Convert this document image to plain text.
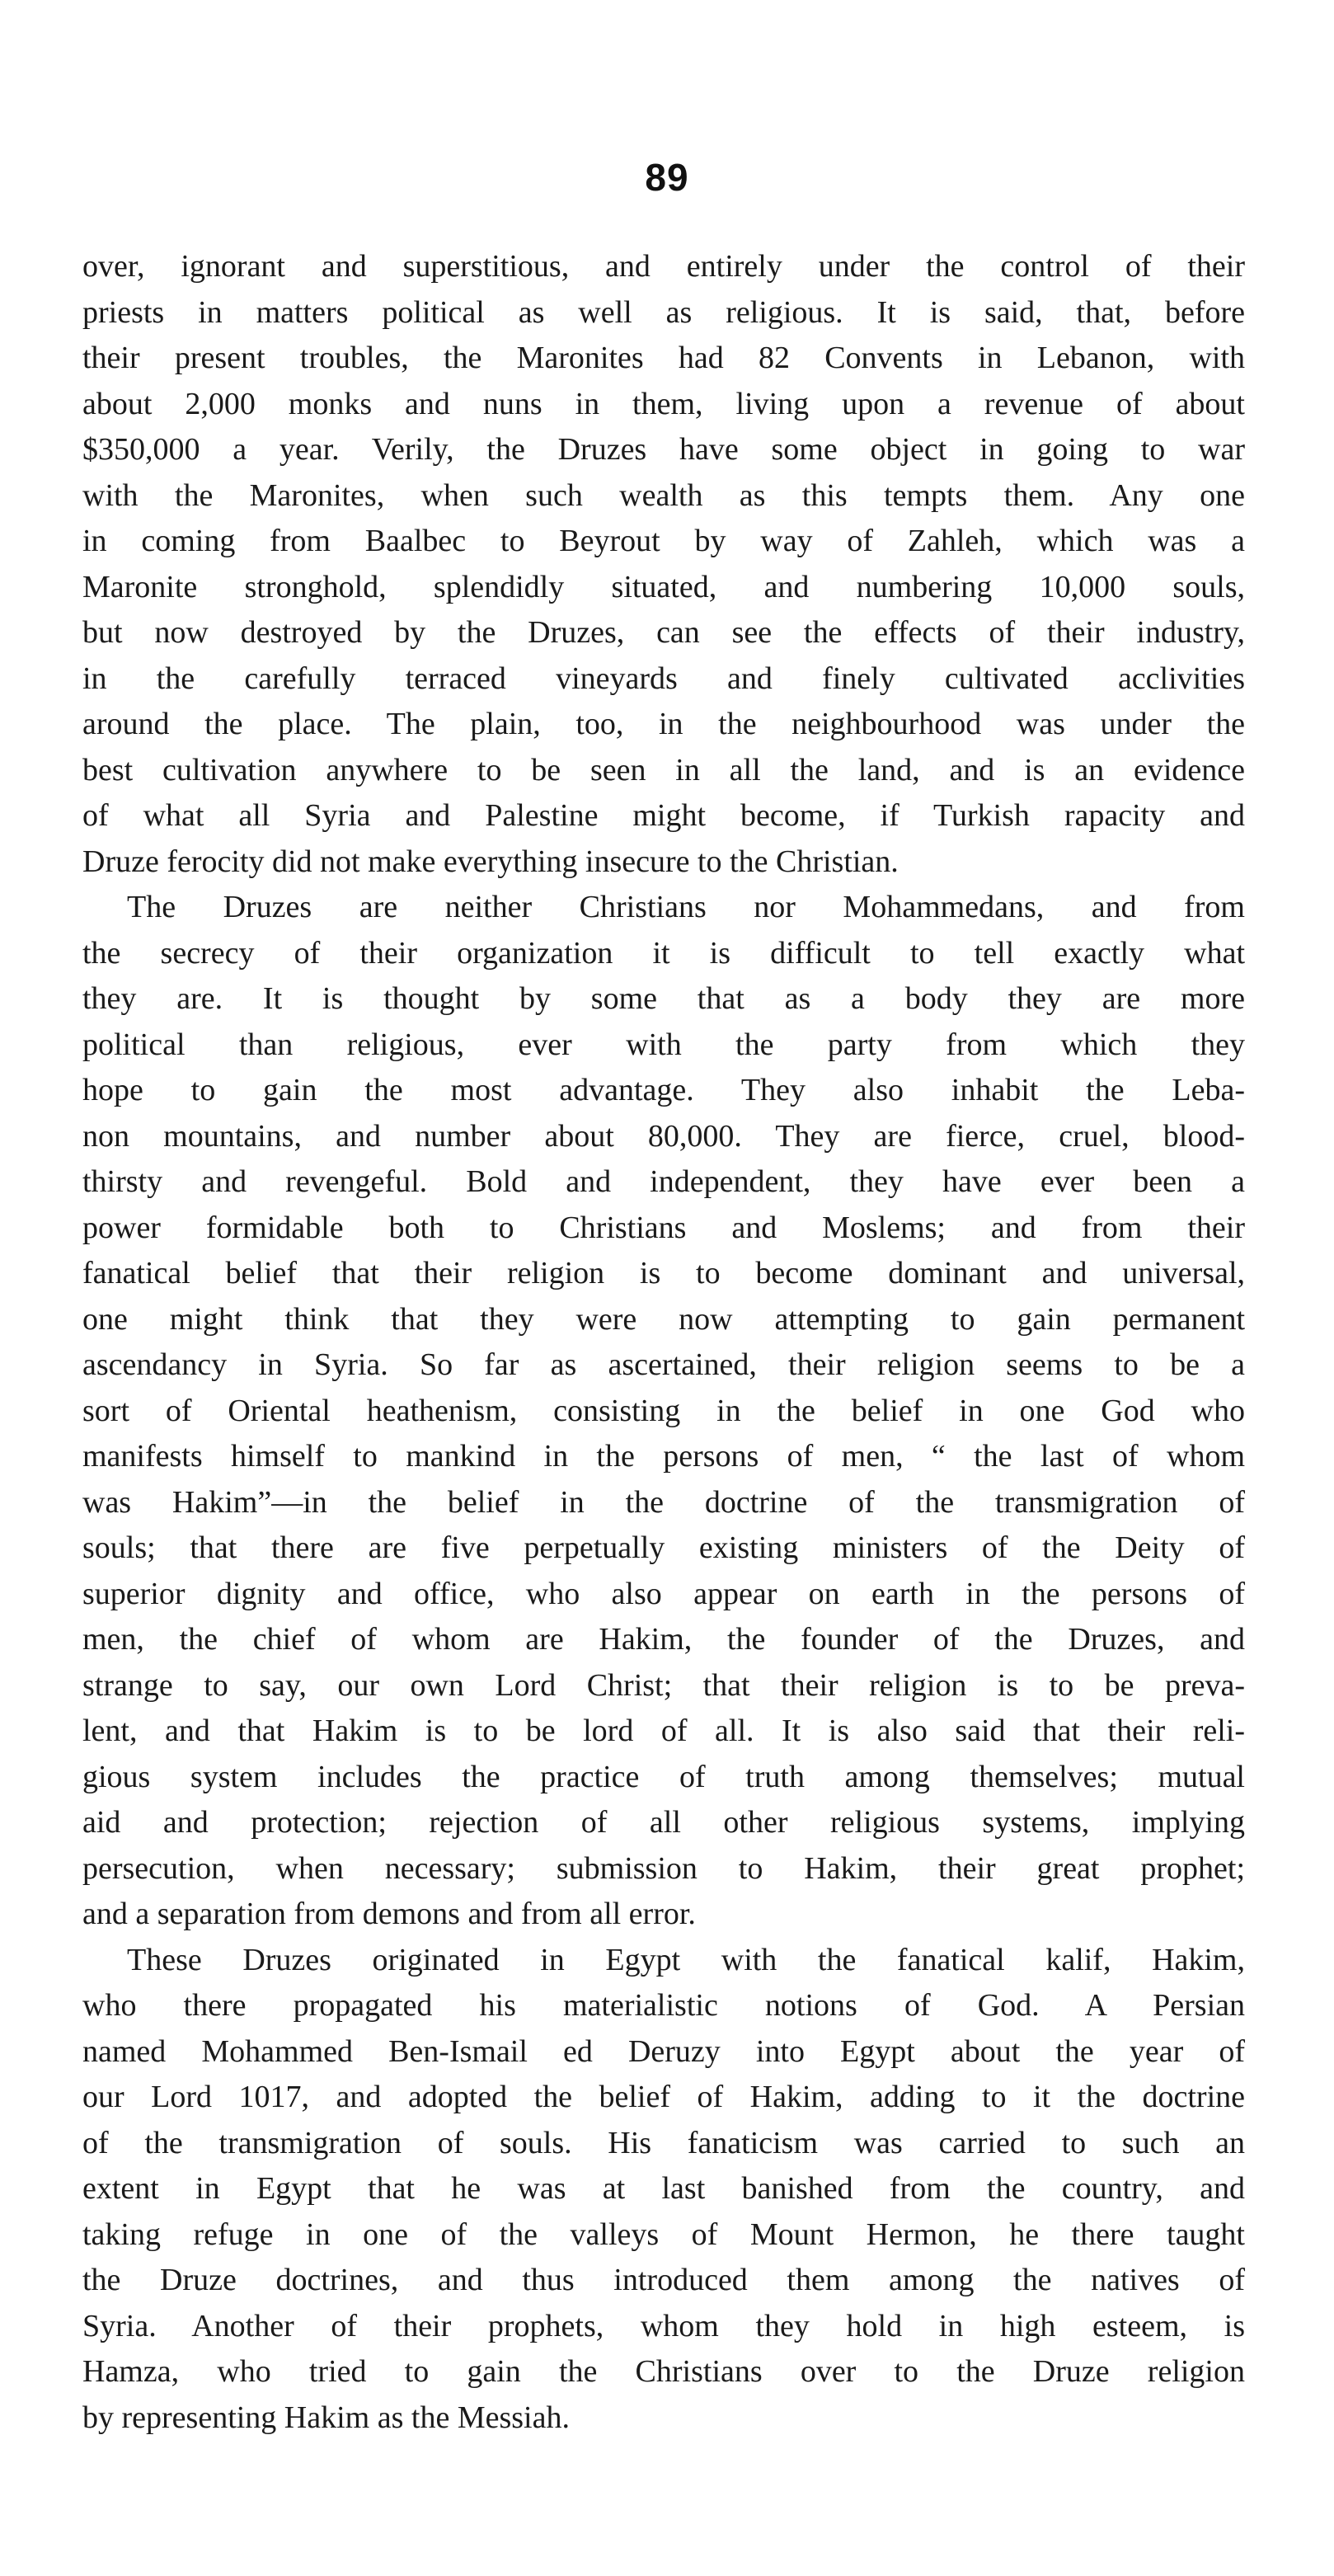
89
over, ignorant and superstitious, and entirely under the control of their
priests in matters political as well as religious. It is said, that, before
their present troubles, the Maronites had 82 Convents in Lebanon, with
about 2,000 monks and nuns in them, living upon a revenue of about
$350,000 a year. Verily, the Druzes have some object in going to war
with the Maronites, when such wealth as this tempts them. Any one
in coming from Baalbec to Beyrout by way of Zahleh, which was a
Maronite stronghold, splendidly situated, and numbering 10,000 souls,
but now destroyed by the Druzes, can see the effects of their industry,
in the carefully terraced vineyards and finely cultivated acclivities
around the place. The plain, too, in the neighbourhood was under the
best cultivation anywhere to be seen in all the land, and is an evidence
of what all Syria and Palestine might become, if Turkish rapacity and
Druze ferocity did not make everything insecure to the Christian.
The Druzes are neither Christians nor Mohammedans, and from
the secrecy of their organization it is difficult to tell exactly what
they are. It is thought by some that as a body they are more
political than religious, ever with the party from which they
hope to gain the most advantage. They also inhabit the Leba-
non mountains, and number about 80,000. They are fierce, cruel, blood-
thirsty and revengeful. Bold and independent, they have ever been a
power formidable both to Christians and Moslems; and from their
fanatical belief that their religion is to become dominant and universal,
one might think that they were now attempting to gain permanent
ascendancy in Syria. So far as ascertained, their religion seems to be a
sort of Oriental heathenism, consisting in the belief in one God who
manifests himself to mankind in the persons of men, “ the last of whom
was Hakim”—in the belief in the doctrine of the transmigration of
souls; that there are five perpetually existing ministers of the Deity of
superior dignity and office, who also appear on earth in the persons of
men, the chief of whom are Hakim, the founder of the Druzes, and
strange to say, our own Lord Christ; that their religion is to be preva-
lent, and that Hakim is to be lord of all. It is also said that their reli-
gious system includes the practice of truth among themselves; mutual
aid and protection; rejection of all other religious systems, implying
persecution, when necessary; submission to Hakim, their great prophet;
and a separation from demons and from all error.
These Druzes originated in Egypt with the fanatical kalif, Hakim,
who there propagated his materialistic notions of God. A Persian
named Mohammed Ben-Ismail ed Deruzy into Egypt about the year of
our Lord 1017, and adopted the belief of Hakim, adding to it the doctrine
of the transmigration of souls. His fanaticism was carried to such an
extent in Egypt that he was at last banished from the country, and
taking refuge in one of the valleys of Mount Hermon, he there taught
the Druze doctrines, and thus introduced them among the natives of
Syria. Another of their prophets, whom they hold in high esteem, is
Hamza, who tried to gain the Christians over to the Druze religion
by representing Hakim as the Messiah.
